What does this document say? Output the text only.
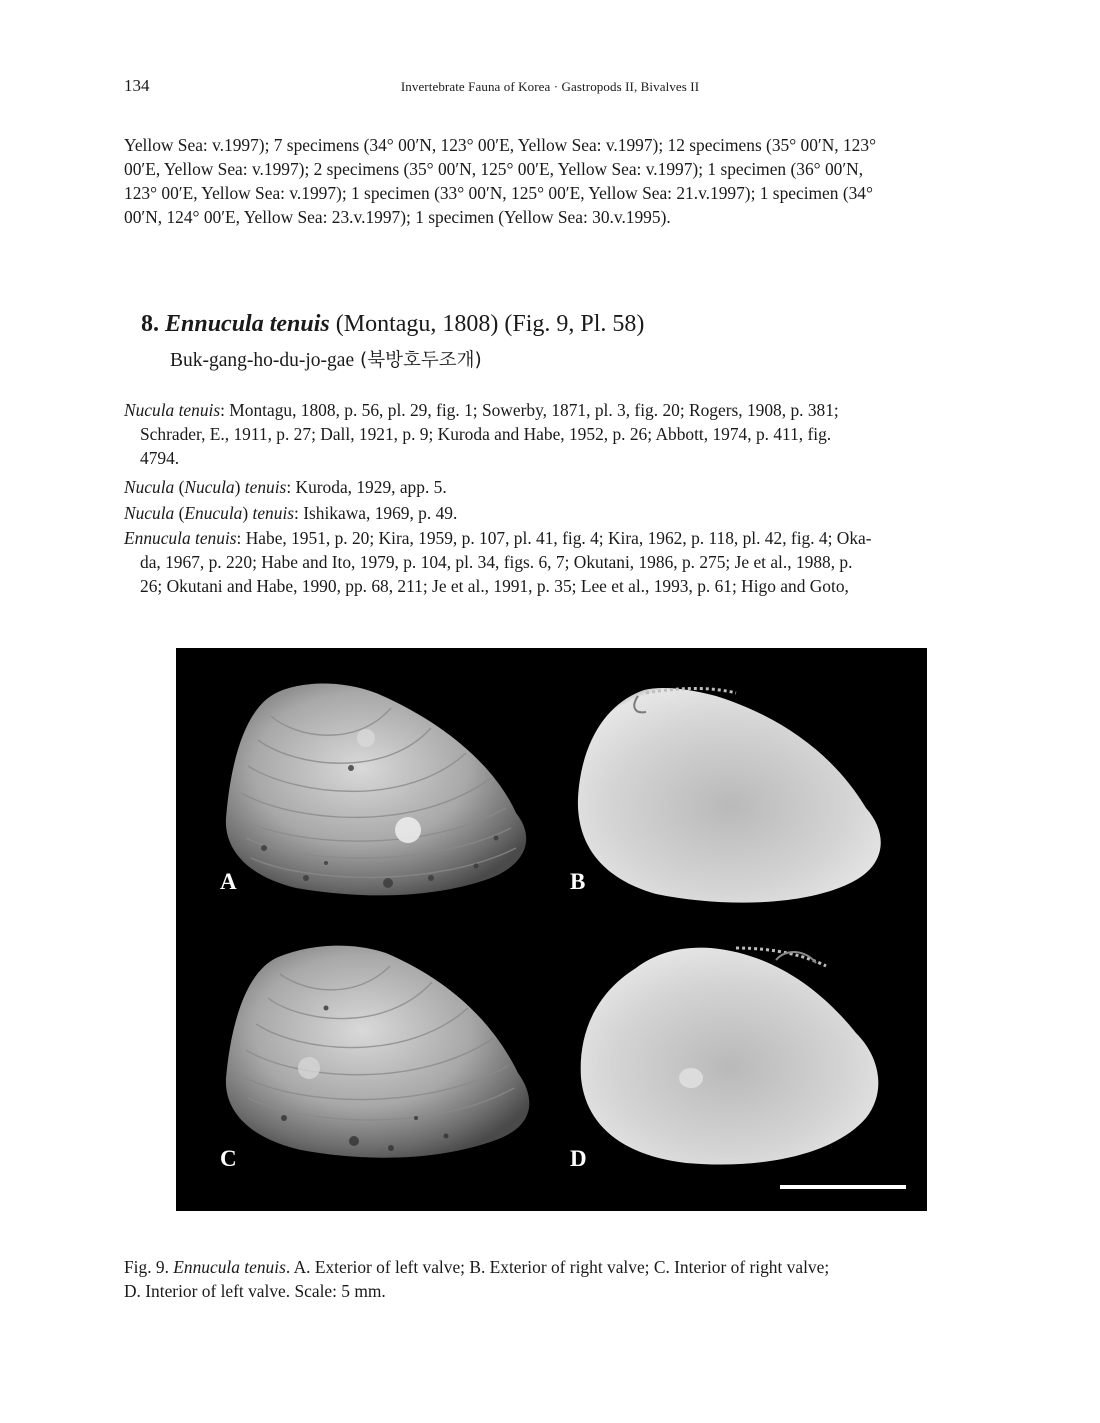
134	Invertebrate Fauna of Korea · Gastropods II, Bivalves II
Yellow Sea: v.1997); 7 specimens (34° 00′N, 123° 00′E, Yellow Sea: v.1997); 12 specimens (35° 00′N, 123°
00′E, Yellow Sea: v.1997); 2 specimens (35° 00′N, 125° 00′E, Yellow Sea: v.1997); 1 specimen (36° 00′N,
123° 00′E, Yellow Sea: v.1997); 1 specimen (33° 00′N, 125° 00′E, Yellow Sea: 21.v.1997); 1 specimen (34°
00′N, 124° 00′E, Yellow Sea: 23.v.1997); 1 specimen (Yellow Sea: 30.v.1995).
8. Ennucula tenuis (Montagu, 1808) (Fig. 9, Pl. 58)
Buk-gang-ho-du-jo-gae (북방호두조개)
Nucula tenuis: Montagu, 1808, p. 56, pl. 29, fig. 1; Sowerby, 1871, pl. 3, fig. 20; Rogers, 1908, p. 381;
Schrader, E., 1911, p. 27; Dall, 1921, p. 9; Kuroda and Habe, 1952, p. 26; Abbott, 1974, p. 411, fig.
4794.
Nucula (Nucula) tenuis: Kuroda, 1929, app. 5.
Nucula (Enucula) tenuis: Ishikawa, 1969, p. 49.
Ennucula tenuis: Habe, 1951, p. 20; Kira, 1959, p. 107, pl. 41, fig. 4; Kira, 1962, p. 118, pl. 42, fig. 4; Oka-
da, 1967, p. 220; Habe and Ito, 1979, p. 104, pl. 34, figs. 6, 7; Okutani, 1986, p. 275; Je et al., 1988, p.
26; Okutani and Habe, 1990, pp. 68, 211; Je et al., 1991, p. 35; Lee et al., 1993, p. 61; Higo and Goto,
A	B
C	D
Fig. 9. Ennucula tenuis. A. Exterior of left valve; B. Exterior of right valve; C. Interior of right valve;
D. Interior of left valve. Scale: 5 mm.
